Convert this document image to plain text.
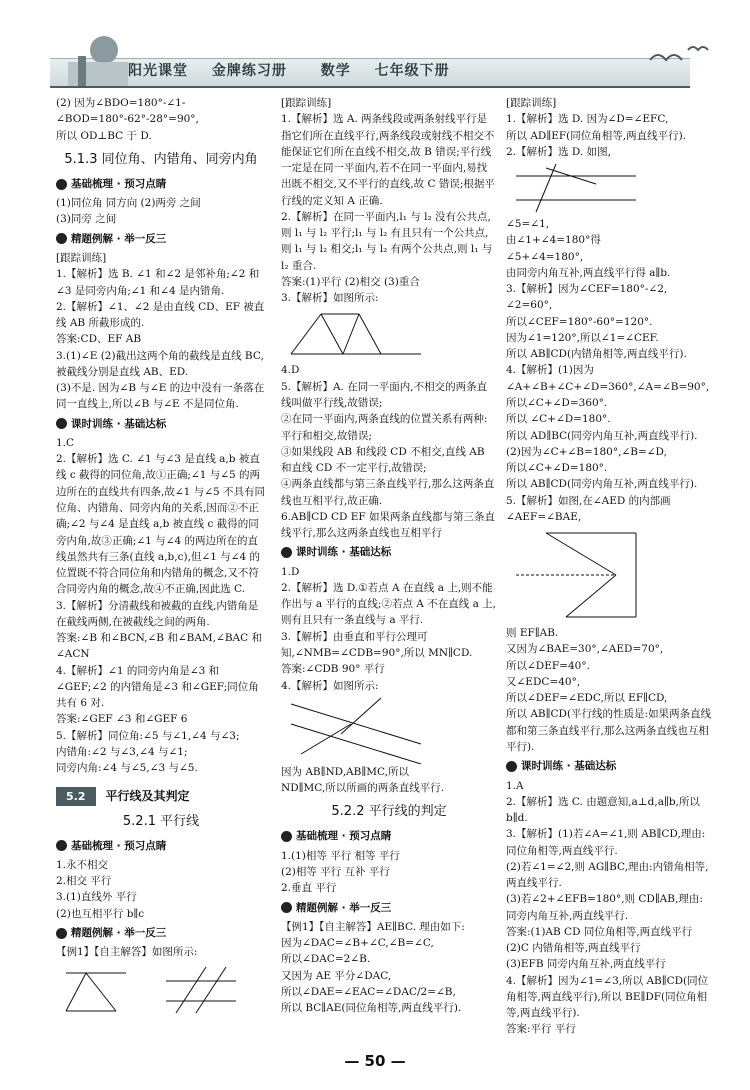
阳光课堂 金牌练习册 数学 七年级下册

(2) 因为∠BDO=180°-∠1-∠BOD=180°-62°-28°=90°,

所以 OD⊥BC 于 D.

5.1.3 同位角、内错角、同旁内角
基础梳理 · 预习点睛

(1)同位角 同方向 (2)两旁 之间

(3)同旁 之间

精题例解 · 举一反三

[跟踪训练]

1.【解析】选 B. ∠1 和∠2 是邻补角;∠2 和∠3 是同旁内角;∠1 和∠4 是内错角.

2.【解析】∠1、∠2 是由直线 CD、EF 被直线 AB 所截形成的.

答案:CD、EF AB

3.(1)∠E (2)截出这两个角的截线是直线 BC,被截线分别是直线 AB、ED.

(3)不是. 因为∠B 与∠E 的边中没有一条落在同一直线上,所以∠B 与∠E 不是同位角.

课时训练 · 基础达标

1.C

2.【解析】选 C. ∠1 与∠3 是直线 a,b 被直线 c 截得的同位角,故①正确;∠1 与∠5 的两边所在的直线共有四条,故∠1 与∠5 不具有同位角、内错角、同旁内角的关系,因而②不正确;∠2 与∠4 是直线 a,b 被直线 c 截得的同旁内角,故③正确;∠1 与∠4 的两边所在的直线虽然共有三条(直线 a,b,c),但∠1 与∠4 的位置既不符合同位角和内错角的概念,又不符合同旁内角的概念,故④不正确,因此选 C.

3.【解析】分清截线和被截的直线,内错角是在截线两侧,在被截线之间的两角.

答案:∠B 和∠BCN,∠B 和∠BAM,∠BAC 和∠ACN

4.【解析】∠1 的同旁内角是∠3 和∠GEF;∠2 的内错角是∠3 和∠GEF;同位角共有 6 对.

答案:∠GEF ∠3 和∠GEF 6

5.【解析】同位角:∠5 与∠1,∠4 与∠3;

内错角:∠2 与∠3,∠4 与∠1;

同旁内角:∠4 与∠5,∠3 与∠5.

5.2	平行线及其判定
5.2.1 平行线
基础梳理 · 预习点睛

1.永不相交

2.相交 平行

3.(1)直线外 平行

(2)也互相平行 b∥c

精题例解 · 举一反三

【例1】【自主解答】如图所示:

[跟踪训练]

1.【解析】选 A. 两条线段或两条射线平行是指它们所在直线平行,两条线段或射线不相交不能保证它们所在直线不相交,故 B 错误;平行线一定是在同一平面内,若不在同一平面内,易找出既不相交,又不平行的直线,故 C 错误;根据平行线的定义知 A 正确.

2.【解析】在同一平面内,l₁ 与 l₂ 没有公共点,则 l₁ 与 l₂ 平行;l₁ 与 l₂ 有且只有一个公共点,则 l₁ 与 l₂ 相交;l₁ 与 l₂ 有两个公共点,则 l₁ 与 l₂ 重合.

答案:(1)平行 (2)相交 (3)重合

3.【解析】如图所示:

4.D

5.【解析】A. 在同一平面内,不相交的两条直线叫做平行线,故错误;

②在同一平面内,两条直线的位置关系有两种:平行和相交,故错误;

③如果线段 AB 和线段 CD 不相交,直线 AB 和直线 CD 不一定平行,故错误;

④两条直线都与第三条直线平行,那么这两条直线也互相平行,故正确.

6.AB∥CD CD EF 如果两条直线都与第三条直线平行,那么这两条直线也互相平行

课时训练 · 基础达标

1.D

2.【解析】选 D.①若点 A 在直线 a 上,则不能作出与 a 平行的直线;②若点 A 不在直线 a 上,则有且只有一条直线与 a 平行.

3.【解析】由垂直和平行公理可知,∠NMB=∠CDB=90°,所以 MN∥CD.

答案:∠CDB 90° 平行

4.【解析】如图所示:

因为 AB∥ND,AB∥MC,所以

ND∥MC,所以所画的两条直线平行.

5.2.2 平行线的判定
基础梳理 · 预习点睛

1.(1)相等 平行 相等 平行

(2)相等 平行 互补 平行

2.垂直 平行

精题例解 · 举一反三

【例1】【自主解答】AE∥BC. 理由如下:

因为∠DAC=∠B+∠C,∠B=∠C,

所以∠DAC=2∠B.

又因为 AE 平分∠DAC,

所以∠DAE=∠EAC=∠DAC/2=∠B,

所以 BC∥AE(同位角相等,两直线平行).

[跟踪训练]

1.【解析】选 D. 因为∠D=∠EFC,

所以 AD∥EF(同位角相等,两直线平行).

2.【解析】选 D. 如图,

∠5=∠1,

由∠1+∠4=180°得

∠5+∠4=180°,

由同旁内角互补,两直线平行得 a∥b.

3.【解析】因为∠CEF=180°-∠2,

∠2=60°,

所以∠CEF=180°-60°=120°.

因为∠1=120°,所以∠1=∠CEF.

所以 AB∥CD(内错角相等,两直线平行).

4.【解析】(1)因为∠A+∠B+∠C+∠D=360°,∠A=∠B=90°,

所以∠C+∠D=360°.

所以 ∠C+∠D=180°.

所以 AD∥BC(同旁内角互补,两直线平行).

(2)因为∠C+∠B=180°,∠B=∠D,

所以∠C+∠D=180°.

所以 AB∥CD(同旁内角互补,两直线平行).

5.【解析】如图,在∠AED 的内部画∠AEF=∠BAE,

则 EF∥AB.

又因为∠BAE=30°,∠AED=70°,

所以∠DEF=40°.

又∠EDC=40°,

所以∠DEF=∠EDC,所以 EF∥CD,

所以 AB∥CD(平行线的性质是:如果两条直线都和第三条直线平行,那么这两条直线也互相平行).

课时训练 · 基础达标

1.A

2.【解析】选 C. 由题意知,a⊥d,a∥b,所以 b∥d.

3.【解析】(1)若∠A=∠1,则 AB∥CD,理由:同位角相等,两直线平行.

(2)若∠1=∠2,则 AG∥BC,理由:内错角相等,两直线平行.

(3)若∠2+∠EFB=180°,则 CD∥AB,理由:同旁内角互补,两直线平行.

答案:(1)AB CD 同位角相等,两直线平行

(2)C 内错角相等,两直线平行

(3)EFB 同旁内角互补,两直线平行

4.【解析】因为∠1=∠3,所以 AB∥CD(同位角相等,两直线平行),所以 BE∥DF(同位角相等,两直线平行).

答案:平行 平行

— 50 —
